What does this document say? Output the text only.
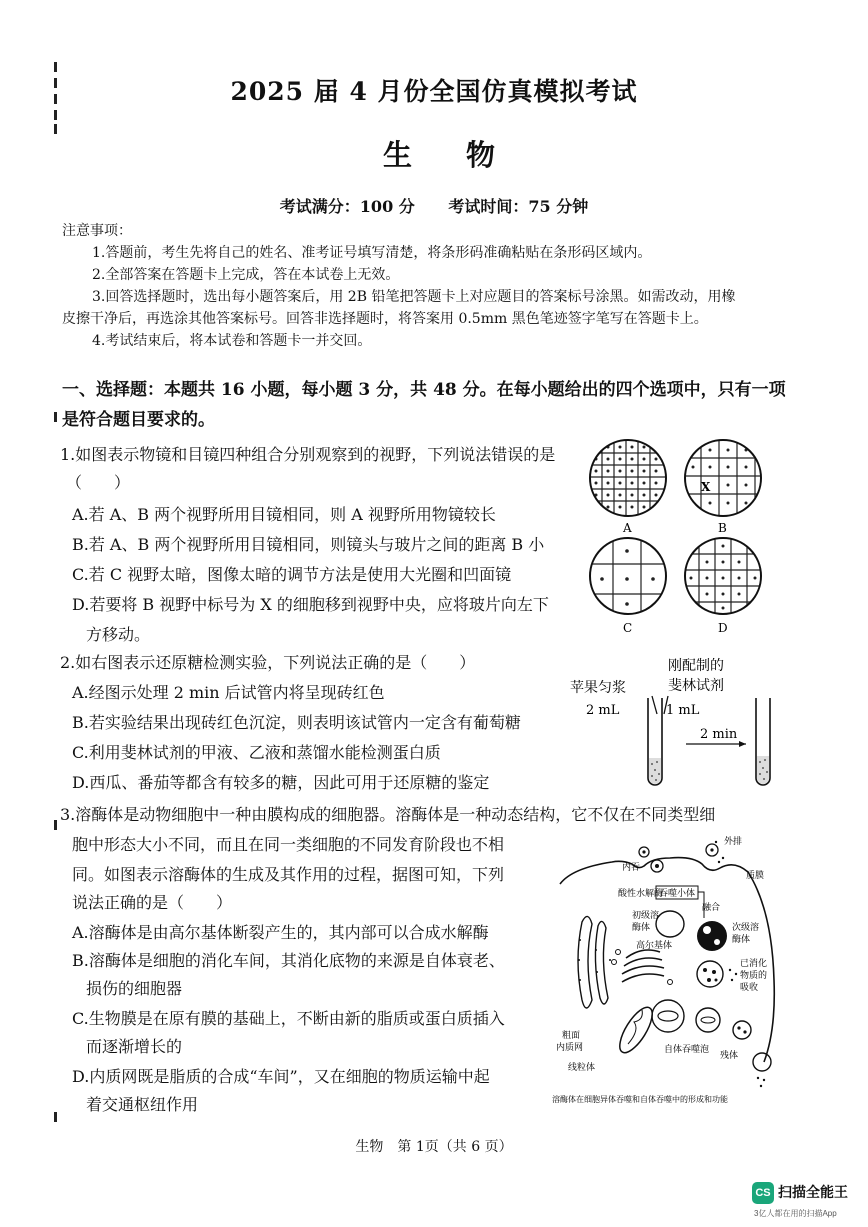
2025 届 4 月份全国仿真模拟考试
生 物
考试满分：100 分 考试时间：75 分钟
注意事项：
1.答题前，考生先将自己的姓名、准考证号填写清楚，将条形码准确粘贴在条形码区域内。
2.全部答案在答题卡上完成，答在本试卷上无效。
3.回答选择题时，选出每小题答案后，用 2B 铅笔把答题卡上对应题目的答案标号涂黑。如需改动，用橡
皮擦干净后，再选涂其他答案标号。回答非选择题时，将答案用 0.5mm 黑色笔迹签字笔写在答题卡上。
4.考试结束后，将本试卷和答题卡一并交回。
一、选择题：本题共 16 小题，每小题 3 分，共 48 分。在每小题给出的四个选项中，只有一项
是符合题目要求的。
1.如图表示物镜和目镜四种组合分别观察到的视野，下列说法错误的是
（　　）
A.若 A、B 两个视野所用目镜相同，则 A 视野所用物镜较长
B.若 A、B 两个视野所用目镜相同，则镜头与玻片之间的距离 B 小
C.若 C 视野太暗，图像太暗的调节方法是使用大光圈和凹面镜
D.若要将 B 视野中标号为 X 的细胞移到视野中央，应将玻片向左下
方移动。
X
A	B
C	D
2.如右图表示还原糖检测实验，下列说法正确的是（　　）
A.经图示处理 2 min 后试管内将呈现砖红色
B.若实验结果出现砖红色沉淀，则表明该试管内一定含有葡萄糖
C.利用斐林试剂的甲液、乙液和蒸馏水能检测蛋白质
D.西瓜、番茄等都含有较多的糖，因此可用于还原糖的鉴定
苹果匀浆
2 mL
刚配制的
斐林试剂
1 mL
2 min
3.溶酶体是动物细胞中一种由膜构成的细胞器。溶酶体是一种动态结构，它不仅在不同类型细
胞中形态大小不同，而且在同一类细胞的不同发育阶段也不相
同。如图表示溶酶体的生成及其作用的过程，据图可知，下列
说法正确的是（　　）
A.溶酶体是由高尔基体断裂产生的，其内部可以合成水解酶
B.溶酶体是细胞的消化车间，其消化底物的来源是自体衰老、
损伤的细胞器
C.生物膜是在原有膜的基础上，不断由新的脂质或蛋白质插入
而逐渐增长的
D.内质网既是脂质的合成“车间”，又在细胞的物质运输中起
着交通枢纽作用
外排
内吞
质膜
酸性水解酶
吞噬小体
融合
初级溶
酶体	次级溶
酶体
高尔基体
粗面
内质网
已消化
物质的
吸收
线粒体
自体吞噬泡
残体
溶酶体在细胞异体吞噬和自体吞噬中的形成和功能
生物　第 1页（共 6 页）
CS 扫描全能王
3亿人都在用的扫描App
